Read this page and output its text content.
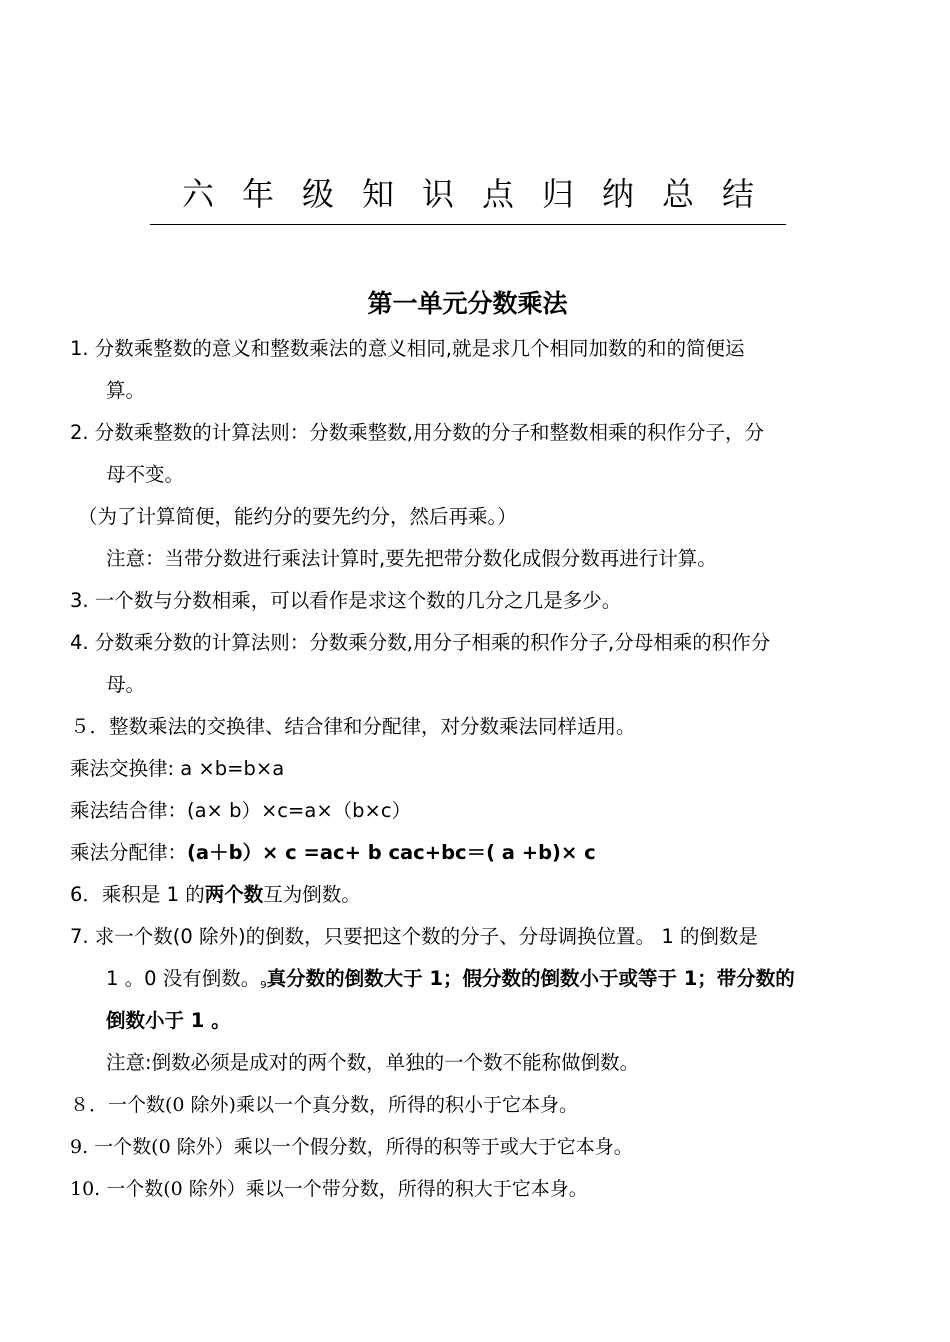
六年级知识点归纳总结
第一单元分数乘法
1. 分数乘整数的意义和整数乘法的意义相同,就是求几个相同加数的和的简便运
算。
2. 分数乘整数的计算法则：分数乘整数,用分数的分子和整数相乘的积作分子，分
母不变。
（为了计算简便，能约分的要先约分，然后再乘。）
注意：当带分数进行乘法计算时,要先把带分数化成假分数再进行计算。
3. 一个数与分数相乘，可以看作是求这个数的几分之几是多少。
4. 分数乘分数的计算法则：分数乘分数,用分子相乘的积作分子,分母相乘的积作分
母。
５．整数乘法的交换律、结合律和分配律，对分数乘法同样适用。
乘法交换律: a ×b=b×a
乘法结合律：(a× b）×c=a×（b×c）
乘法分配律：(a＋b）× c =ac+ b cac+bc＝( a +b)× c
6．乘积是 1 的两个数互为倒数。
7. 求一个数(0 除外)的倒数，只要把这个数的分子、分母调换位置。 1 的倒数是
1 。0 没有倒数。9真分数的倒数大于 1；假分数的倒数小于或等于 1；带分数的
倒数小于 1 。
注意:倒数必须是成对的两个数，单独的一个数不能称做倒数。
８．一个数(0 除外)乘以一个真分数，所得的积小于它本身。
9. 一个数(0 除外）乘以一个假分数，所得的积等于或大于它本身。
10. 一个数(0 除外）乘以一个带分数，所得的积大于它本身。
